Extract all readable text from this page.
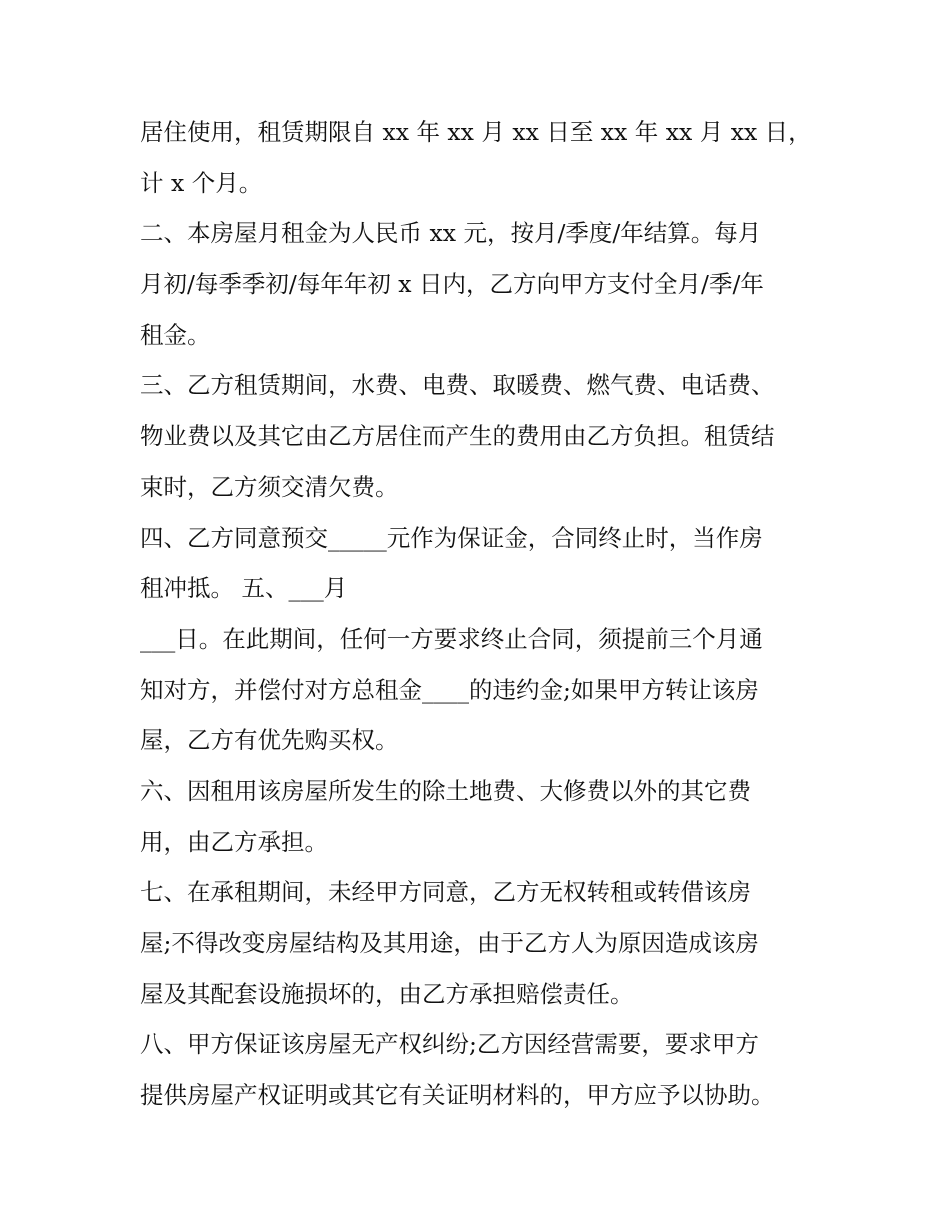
居住使用，租赁期限自 xx 年 xx 月 xx 日至 xx 年 xx 月 xx 日，
计 x 个月。
二、本房屋月租金为人民币 xx 元，按月/季度/年结算。每月
月初/每季季初/每年年初 x 日内，乙方向甲方支付全月/季/年
租金。
三、乙方租赁期间，水费、电费、取暖费、燃气费、电话费、
物业费以及其它由乙方居住而产生的费用由乙方负担。租赁结
束时，乙方须交清欠费。
四、乙方同意预交_____元作为保证金，合同终止时，当作房
租冲抵。 五、___月
___日。在此期间，任何一方要求终止合同，须提前三个月通
知对方，并偿付对方总租金____的违约金;如果甲方转让该房
屋，乙方有优先购买权。
六、因租用该房屋所发生的除土地费、大修费以外的其它费
用，由乙方承担。
七、在承租期间，未经甲方同意，乙方无权转租或转借该房
屋;不得改变房屋结构及其用途，由于乙方人为原因造成该房
屋及其配套设施损坏的，由乙方承担赔偿责任。
八、甲方保证该房屋无产权纠纷;乙方因经营需要，要求甲方
提供房屋产权证明或其它有关证明材料的，甲方应予以协助。
